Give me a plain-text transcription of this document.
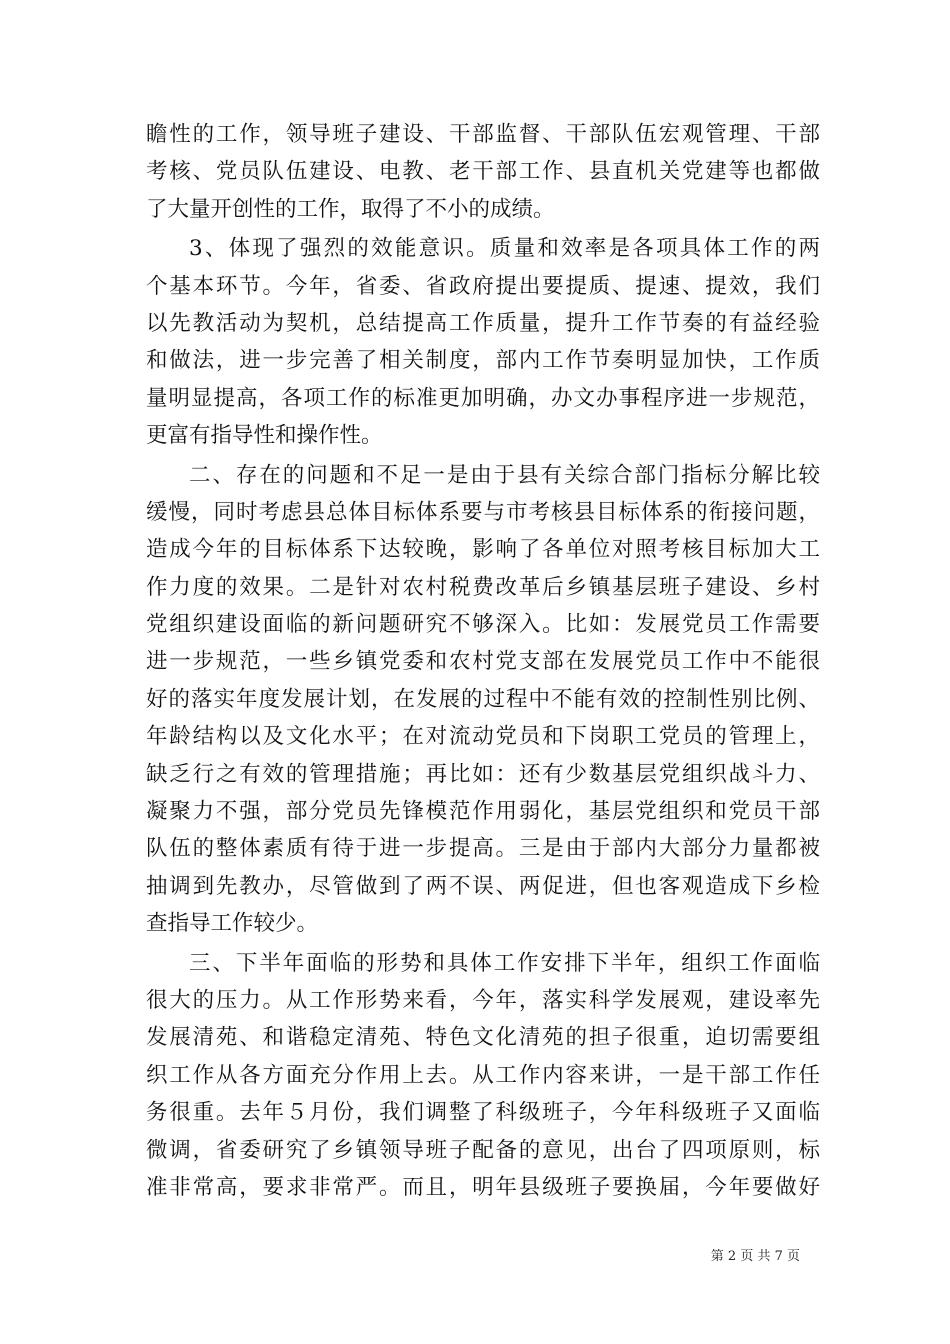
瞻性的工作，领导班子建设、干部监督、干部队伍宏观管理、干部
考核、党员队伍建设、电教、老干部工作、县直机关党建等也都做
了大量开创性的工作，取得了不小的成绩。
3、体现了强烈的效能意识。质量和效率是各项具体工作的两
个基本环节。今年，省委、省政府提出要提质、提速、提效，我们
以先教活动为契机，总结提高工作质量，提升工作节奏的有益经验
和做法，进一步完善了相关制度，部内工作节奏明显加快，工作质
量明显提高，各项工作的标准更加明确，办文办事程序进一步规范，
更富有指导性和操作性。
二、存在的问题和不足一是由于县有关综合部门指标分解比较
缓慢，同时考虑县总体目标体系要与市考核县目标体系的衔接问题，
造成今年的目标体系下达较晚，影响了各单位对照考核目标加大工
作力度的效果。二是针对农村税费改革后乡镇基层班子建设、乡村
党组织建设面临的新问题研究不够深入。比如：发展党员工作需要
进一步规范，一些乡镇党委和农村党支部在发展党员工作中不能很
好的落实年度发展计划，在发展的过程中不能有效的控制性别比例、
年龄结构以及文化水平；在对流动党员和下岗职工党员的管理上，
缺乏行之有效的管理措施；再比如：还有少数基层党组织战斗力、
凝聚力不强，部分党员先锋模范作用弱化，基层党组织和党员干部
队伍的整体素质有待于进一步提高。三是由于部内大部分力量都被
抽调到先教办，尽管做到了两不误、两促进，但也客观造成下乡检
查指导工作较少。
三、下半年面临的形势和具体工作安排下半年，组织工作面临
很大的压力。从工作形势来看，今年，落实科学发展观，建设率先
发展清苑、和谐稳定清苑、特色文化清苑的担子很重，迫切需要组
织工作从各方面充分作用上去。从工作内容来讲，一是干部工作任
务很重。去年５月份，我们调整了科级班子，今年科级班子又面临
微调，省委研究了乡镇领导班子配备的意见，出台了四项原则，标
准非常高，要求非常严。而且，明年县级班子要换届，今年要做好
第 2 页 共 7 页
